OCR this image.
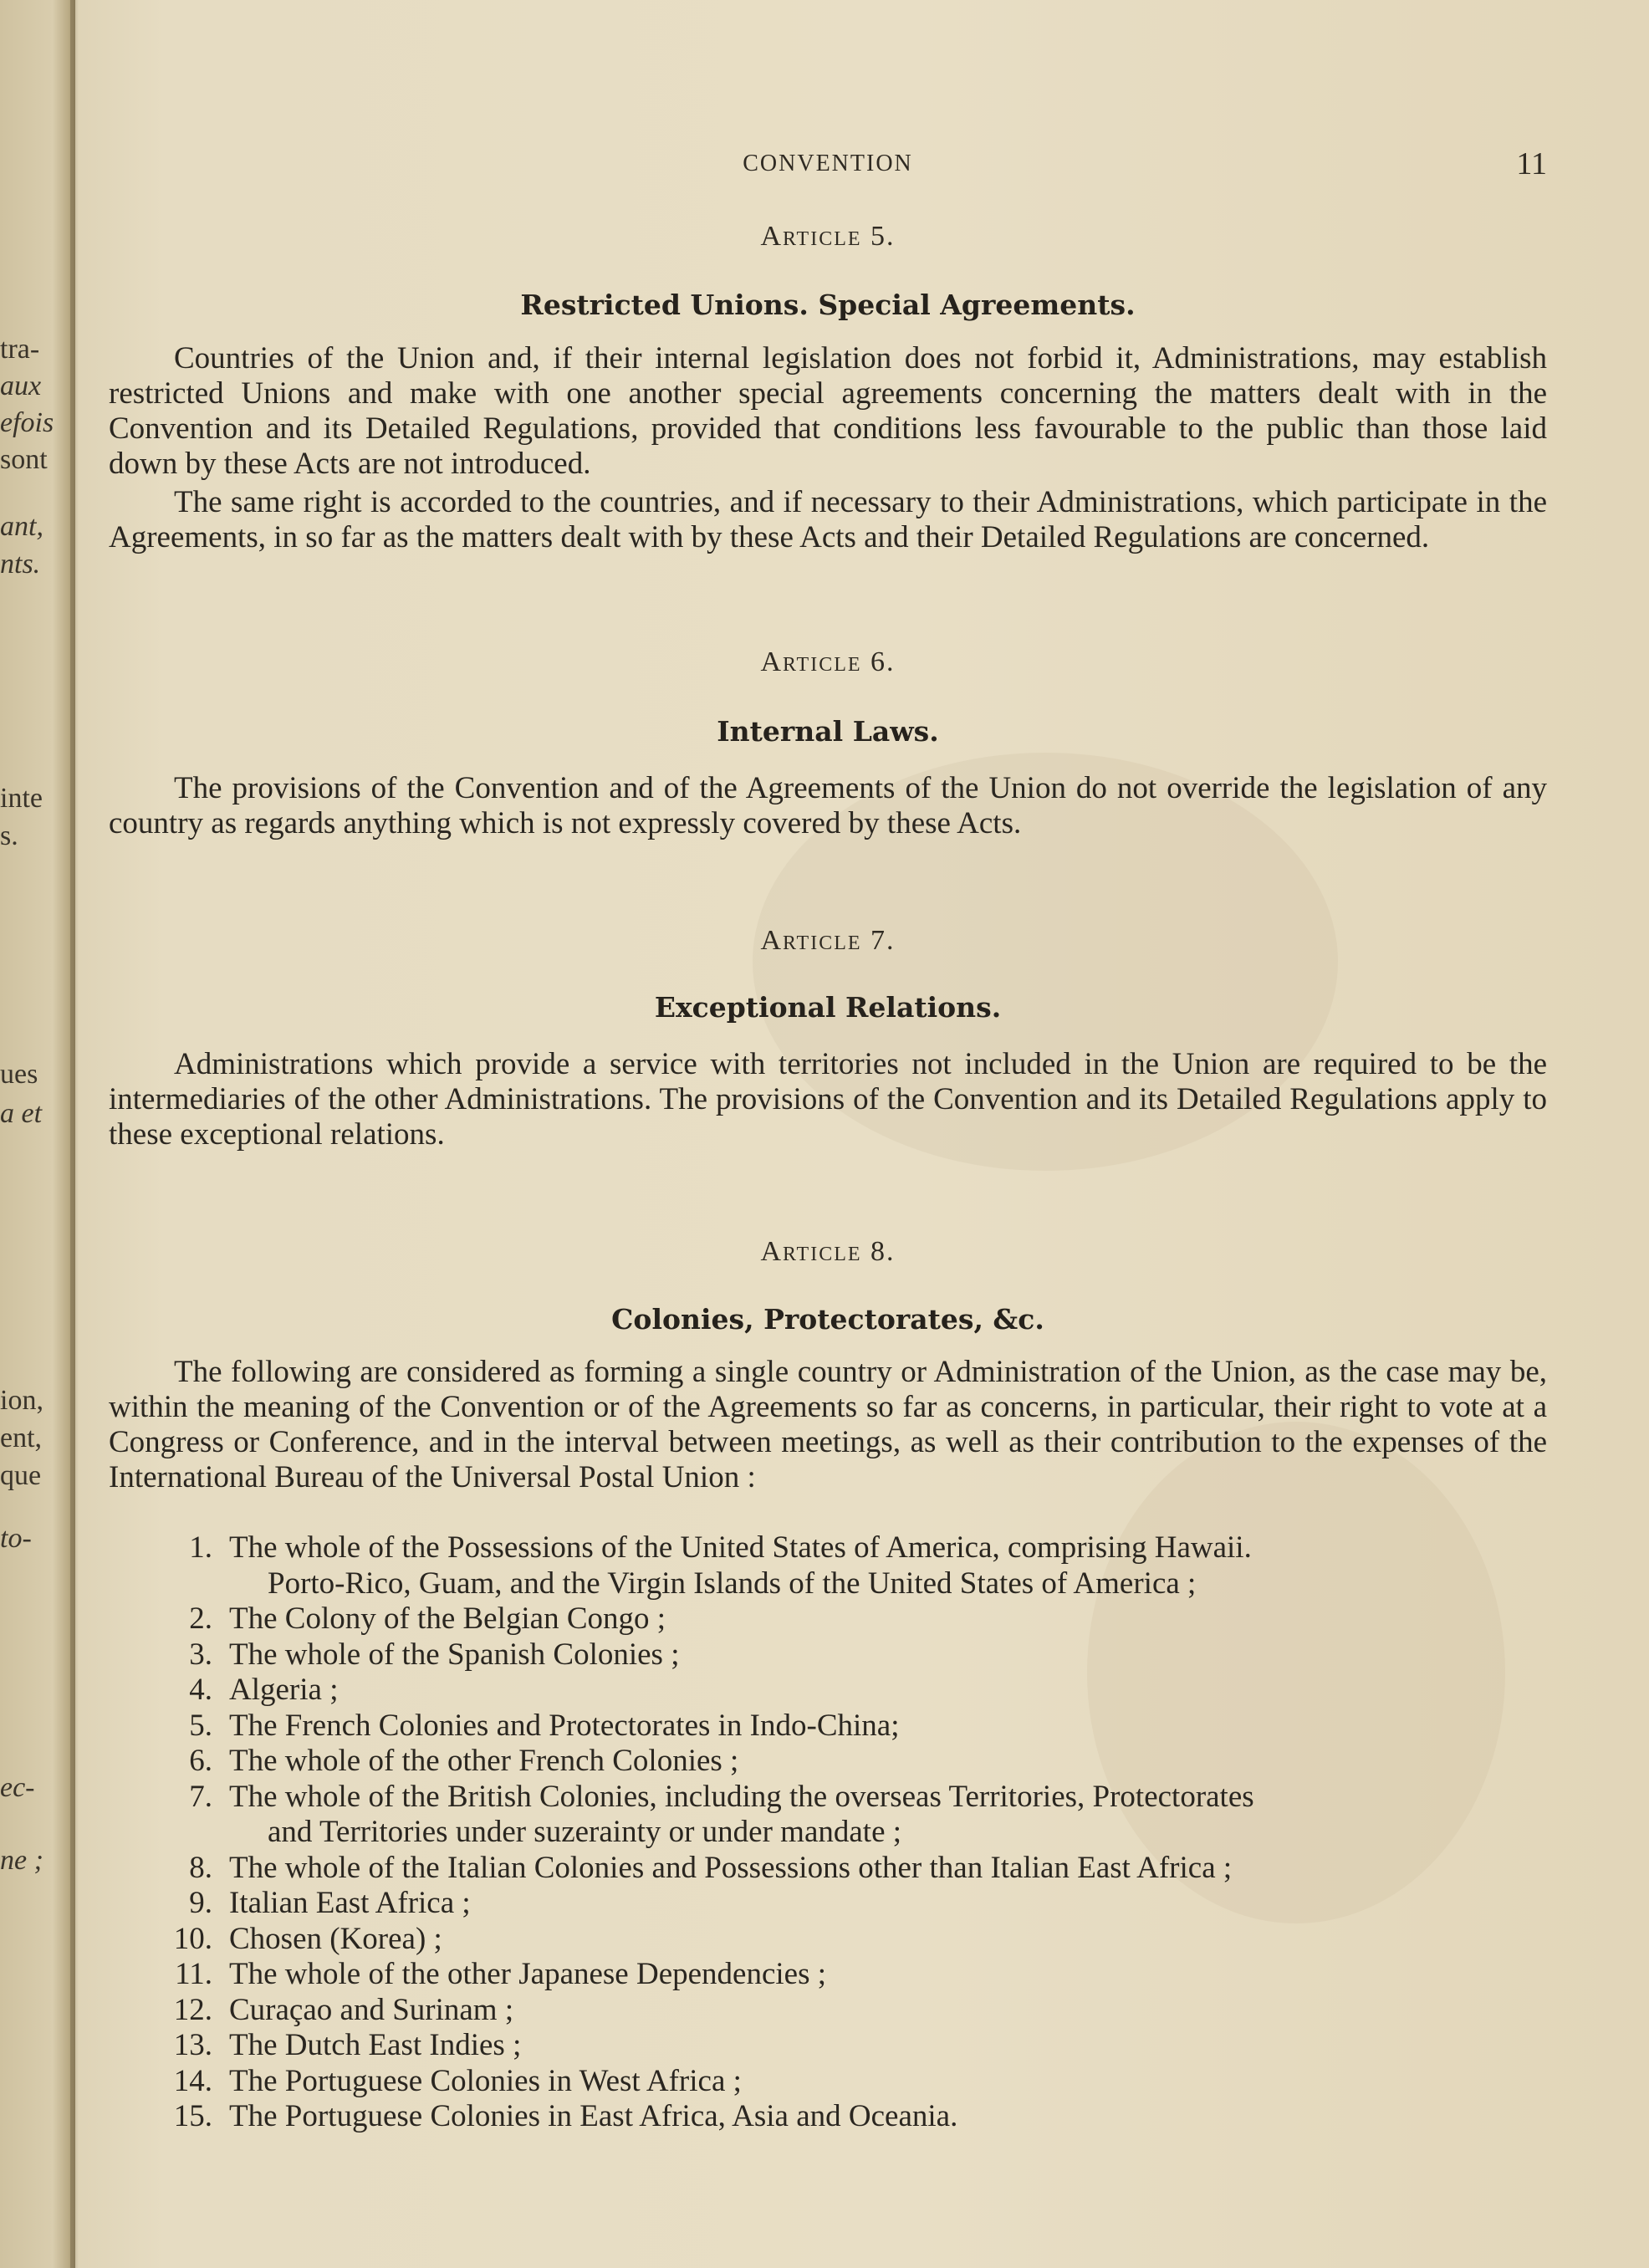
tra-
aux
efois
sont
ant,
nts.
inte
s.
ues
a et
ion,
ent,
que
to-
ec-
ne ;
CONVENTION	11
Article 5.
Restricted Unions. Special Agreements.

Countries of the Union and, if their internal legislation does not forbid it, Administrations, may establish restricted Unions and make with one another special agreements concerning the matters dealt with in the Convention and its Detailed Regulations, provided that conditions less favourable to the public than those laid down by these Acts are not introduced.

The same right is accorded to the countries, and if necessary to their Administrations, which participate in the Agreements, in so far as the matters dealt with by these Acts and their Detailed Regulations are concerned.

Article 6.
Internal Laws.

The provisions of the Convention and of the Agreements of the Union do not override the legislation of any country as regards anything which is not expressly covered by these Acts.

Article 7.
Exceptional Relations.

Administrations which provide a service with territories not included in the Union are required to be the intermediaries of the other Administrations. The provisions of the Convention and its Detailed Regulations apply to these exceptional relations.

Article 8.
Colonies, Protectorates, &c.

The following are considered as forming a single country or Administration of the Union, as the case may be, within the meaning of the Convention or of the Agreements so far as concerns, in particular, their right to vote at a Congress or Conference, and in the interval between meetings, as well as their contribution to the expenses of the International Bureau of the Universal Postal Union :

1. The whole of the Possessions of the United States of America, comprising Hawaii.
Porto-Rico, Guam, and the Virgin Islands of the United States of America ;
2. The Colony of the Belgian Congo ;
3. The whole of the Spanish Colonies ;
4. Algeria ;
5. The French Colonies and Protectorates in Indo-China;
6. The whole of the other French Colonies ;
7. The whole of the British Colonies, including the overseas Territories, Protectorates
and Territories under suzerainty or under mandate ;
8. The whole of the Italian Colonies and Possessions other than Italian East Africa ;
9. Italian East Africa ;
10. Chosen (Korea) ;
11. The whole of the other Japanese Dependencies ;
12. Curaçao and Surinam ;
13. The Dutch East Indies ;
14. The Portuguese Colonies in West Africa ;
15. The Portuguese Colonies in East Africa, Asia and Oceania.
